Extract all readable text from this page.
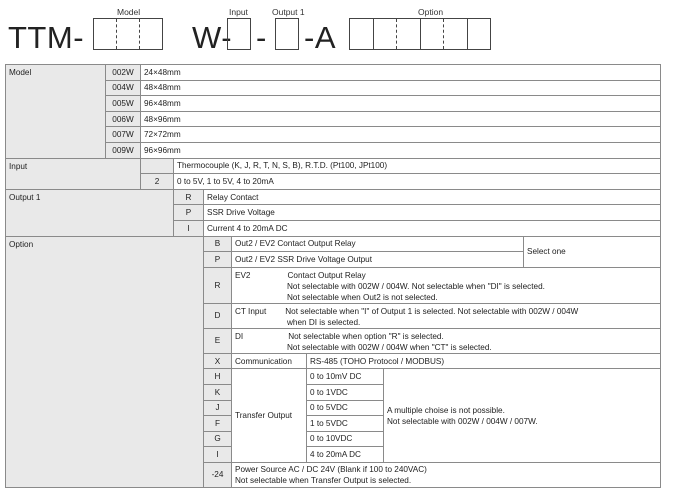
TTM-
Model
W-
Input
-
Output 1
-A
Option
Model	002W	24×48mm						
	004W	48×48mm						
	005W	96×48mm						
	006W	48×96mm						
	007W	72×72mm						
	009W	96×96mm						
Input			Thermocouple (K, J, R, T, N, S, B), R.T.D. (Pt100, JPt100)					
		2	0 to 5V, 1 to 5V, 4 to 20mA					
Output 1			R	Relay Contact				
			P	SSR Drive Voltage				
			I	Current 4 to 20mA DC				
Option				B	Out2 / EV2 Contact Output Relay			Select one
				P	Out2 / EV2 SSR Drive Voltage Output			
				R	EV2 Contact Output Relay
Not selectable with 002W / 004W. Not selectable when "DI" is selected.
Not selectable when Out2 is not selected.			

				D	CT Input Not selectable when "I" of Output 1 is selected. Not selectable with 002W / 004W
when DI is selected.			

				E	DI Not selectable when option "R" is selected.
Not selectable with 002W / 004W when "CT" is selected.			

				X	Communication	RS-485 (TOHO Protocol / MODBUS)		
				H	Transfer Output	0 to 10mV DC	A multiple choise is not possible.
Not selectable with 002W / 004W / 007W.	

				K		0 to 1VDC		
				J		0 to 5VDC		
				F		1 to 5VDC		
				G		0 to 10VDC		
				I		4 to 20mA DC		
				-24	Power Source AC / DC 24V (Blank if 100 to 240VAC)
Not selectable when Transfer Output is selected.			
